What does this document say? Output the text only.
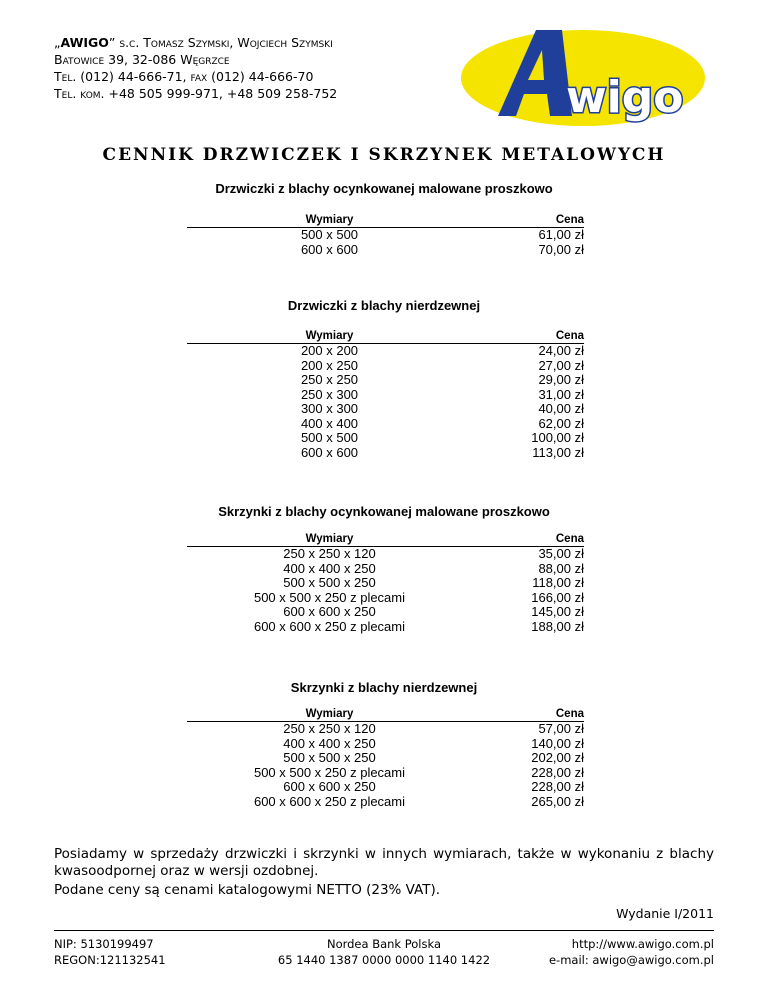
„AWIGO” s.c. Tomasz Szymski, Wojciech Szymski
Batowice 39, 32-086 Węgrzce
Tel. (012) 44-666-71, fax (012) 44-666-70
Tel. kom. +48 505 999-971, +48 509 258-752	wigo
CENNIK DRZWICZEK I SKRZYNEK METALOWYCH
Drzwiczki z blachy ocynkowanej malowane proszkowo
Wymiary	Cena
500 x 500	61,00 zł
600 x 600	70,00 zł
Drzwiczki z blachy nierdzewnej
Wymiary	Cena
200 x 200	24,00 zł
200 x 250	27,00 zł
250 x 250	29,00 zł
250 x 300	31,00 zł
300 x 300	40,00 zł
400 x 400	62,00 zł
500 x 500	100,00 zł
600 x 600	113,00 zł
Skrzynki z blachy ocynkowanej malowane proszkowo
Wymiary	Cena
250 x 250 x 120	35,00 zł
400 x 400 x 250	88,00 zł
500 x 500 x 250	118,00 zł
500 x 500 x 250 z plecami	166,00 zł
600 x 600 x 250	145,00 zł
600 x 600 x 250 z plecami	188,00 zł
Skrzynki z blachy nierdzewnej
Wymiary	Cena
250 x 250 x 120	57,00 zł
400 x 400 x 250	140,00 zł
500 x 500 x 250	202,00 zł
500 x 500 x 250 z plecami	228,00 zł
600 x 600 x 250	228,00 zł
600 x 600 x 250 z plecami	265,00 zł
Posiadamy w sprzedaży drzwiczki i skrzynki w innych wymiarach, także w wykonaniu z blachy kwasoodpornej oraz w wersji ozdobnej.
Podane ceny są cenami katalogowymi NETTO (23% VAT).
Wydanie I/2011
NIP: 5130199497
REGON:121132541
Nordea Bank Polska
65 1440 1387 0000 0000 1140 1422
http://www.awigo.com.pl
e-mail: awigo@awigo.com.pl
